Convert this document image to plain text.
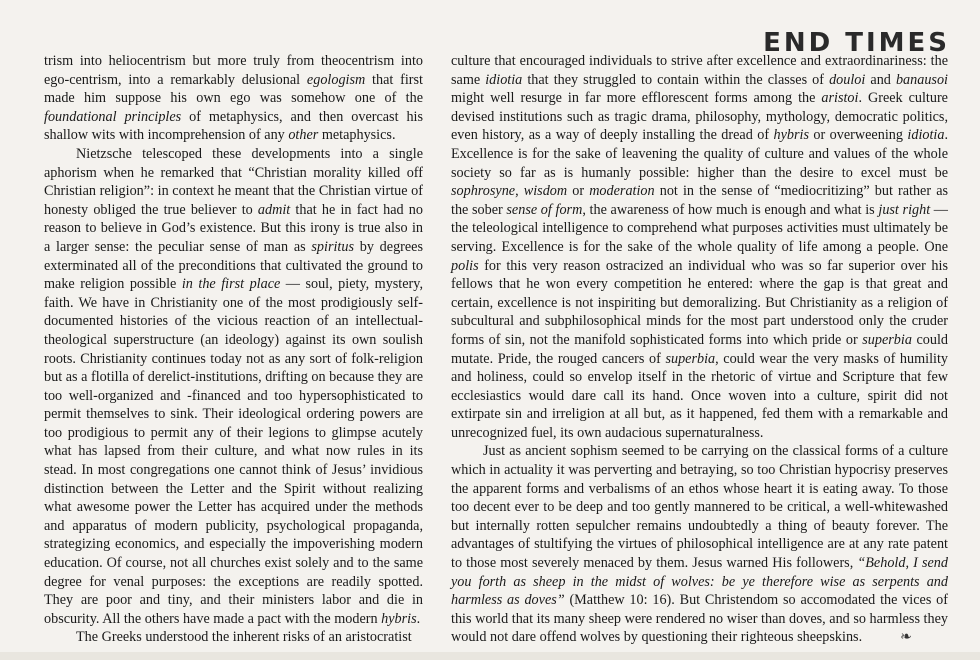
END TIMES

trism into heliocentrism but more truly from theocentrism into ego-centrism, into a remarkably delusional egologism that first made him suppose his own ego was somehow one of the foundational principles of metaphysics, and then overcast his shallow wits with incomprehension of any other metaphysics.

Nietzsche telescoped these developments into a single aphorism when he remarked that “Christian morality killed off Christian religion”: in context he meant that the Christian virtue of honesty obliged the true believer to admit that he in fact had no reason to believe in God’s existence. But this irony is true also in a larger sense: the peculiar sense of man as spiritus by degrees exterminated all of the preconditions that cultivated the ground to make religion possible in the first place — soul, piety, mystery, faith. We have in Christianity one of the most prodigiously self-documented histories of the vicious reaction of an intellectual-theological superstructure (an ideology) against its own soulish roots. Christianity continues today not as any sort of folk-religion but as a flotilla of derelict-institutions, drifting on because they are too well-organized and -financed and too hypersophisticated to permit themselves to sink. Their ideological ordering powers are too prodigious to permit any of their legions to glimpse acutely what has lapsed from their culture, and what now rules in its stead. In most congregations one cannot think of Jesus’ invidious distinction between the Letter and the Spirit without realizing what awesome power the Letter has acquired under the methods and apparatus of modern publicity, psychological propaganda, strategizing economics, and especially the impoverishing modern education. Of course, not all churches exist solely and to the same degree for venal purposes: the exceptions are readily spotted. They are poor and tiny, and their ministers labor and die in obscurity. All the others have made a pact with the modern hybris.

The Greeks understood the inherent risks of an aristocratist

culture that encouraged individuals to strive after excellence and extraordinariness: the same idiotia that they struggled to contain within the classes of douloi and banausoi might well resurge in far more efflorescent forms among the aristoi. Greek culture devised institutions such as tragic drama, philosophy, mythology, democratic politics, even history, as a way of deeply installing the dread of hybris or overweening idiotia. Excellence is for the sake of leavening the quality of culture and values of the whole society so far as is humanly possible: higher than the desire to excel must be sophrosyne, wisdom or moderation not in the sense of “mediocritizing” but rather as the sober sense of form, the awareness of how much is enough and what is just right — the teleological intelligence to comprehend what purposes activities must ultimately be serving. Excellence is for the sake of the whole quality of life among a people. One polis for this very reason ostracized an individual who was so far superior over his fellows that he won every competition he entered: where the gap is that great and certain, excellence is not inspiriting but demoralizing. But Christianity as a religion of subcultural and subphilosophical minds for the most part understood only the cruder forms of sin, not the manifold sophisticated forms into which pride or superbia could mutate. Pride, the rouged cancers of superbia, could wear the very masks of humility and holiness, could so envelop itself in the rhetoric of virtue and Scripture that few ecclesiastics would dare call its hand. Once woven into a culture, spirit did not extirpate sin and irreligion at all but, as it happened, fed them with a remarkable and unrecognized fuel, its own audacious supernaturalness.

Just as ancient sophism seemed to be carrying on the classical forms of a culture which in actuality it was perverting and betraying, so too Christian hypocrisy preserves the apparent forms and verbalisms of an ethos whose heart it is eating away. To those too decent ever to be deep and too gently mannered to be critical, a well-whitewashed but internally rotten sepulcher remains undoubtedly a thing of beauty forever. The advantages of stultifying the virtues of philosophical intelligence are at any rate patent to those most severely menaced by them. Jesus warned His followers, “Behold, I send you forth as sheep in the midst of wolves: be ye therefore wise as serpents and harmless as doves” (Matthew 10: 16). But Christendom so accomodated the vices of this world that its many sheep were rendered no wiser than doves, and so harmless they would not dare offend wolves by questioning their righteous sheepskins.	❧
